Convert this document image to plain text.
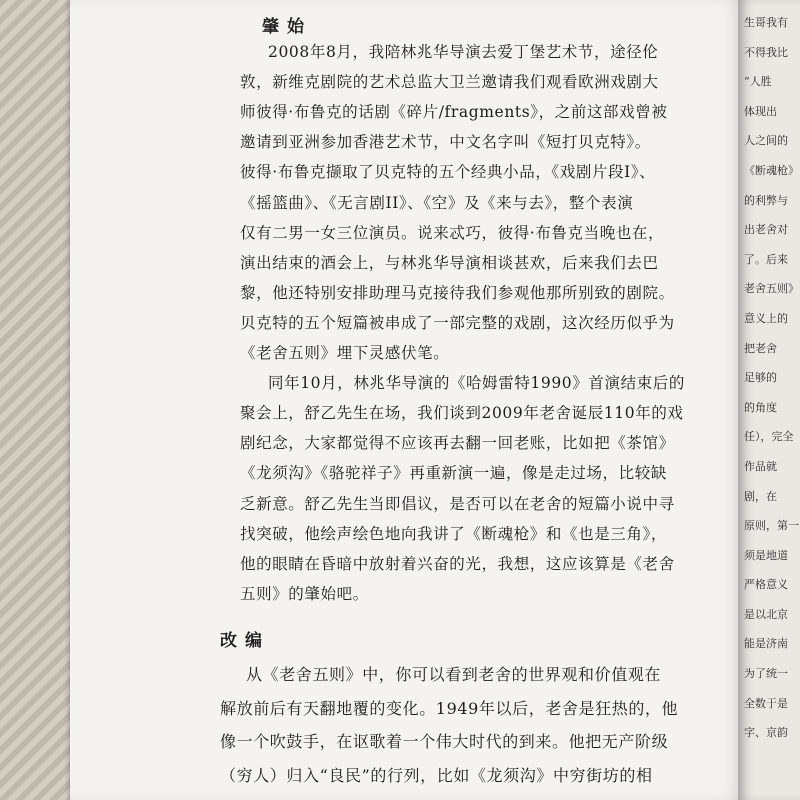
生哥我有
不得我比
“人胜
体现出
人之间的
《断魂枪》
的利弊与
出老舍对
了。后来
老舍五则》
意义上的
把老舍
足够的
的角度
任），完全
作品就
剧，在
原则，第一
须是地道
严格意义
是以北京
能是济南
为了统一
全数于是
字、京韵
肇始
2008年8月，我陪林兆华导演去爱丁堡艺术节，途径伦
敦，新维克剧院的艺术总监大卫兰邀请我们观看欧洲戏剧大
师彼得·布鲁克的话剧《碎片/fragments》，之前这部戏曾被
邀请到亚洲参加香港艺术节，中文名字叫《短打贝克特》。
彼得·布鲁克撷取了贝克特的五个经典小品，《戏剧片段I》、
《摇篮曲》、《无言剧II》、《空》及《来与去》，整个表演
仅有二男一女三位演员。说来忒巧，彼得·布鲁克当晚也在，
演出结束的酒会上，与林兆华导演相谈甚欢，后来我们去巴
黎，他还特别安排助理马克接待我们参观他那所别致的剧院。
贝克特的五个短篇被串成了一部完整的戏剧，这次经历似乎为
《老舍五则》埋下灵感伏笔。
同年10月，林兆华导演的《哈姆雷特1990》首演结束后的
聚会上，舒乙先生在场，我们谈到2009年老舍诞辰110年的戏
剧纪念，大家都觉得不应该再去翻一回老账，比如把《茶馆》
《龙须沟》《骆驼祥子》再重新演一遍，像是走过场，比较缺
乏新意。舒乙先生当即倡议，是否可以在老舍的短篇小说中寻
找突破，他绘声绘色地向我讲了《断魂枪》和《也是三角》，
他的眼睛在昏暗中放射着兴奋的光，我想，这应该算是《老舍
五则》的肇始吧。
改编
从《老舍五则》中，你可以看到老舍的世界观和价值观在
解放前后有天翻地覆的变化。1949年以后，老舍是狂热的，他
像一个吹鼓手，在讴歌着一个伟大时代的到来。他把无产阶级
（穷人）归入“良民”的行列，比如《龙须沟》中穷街坊的相
